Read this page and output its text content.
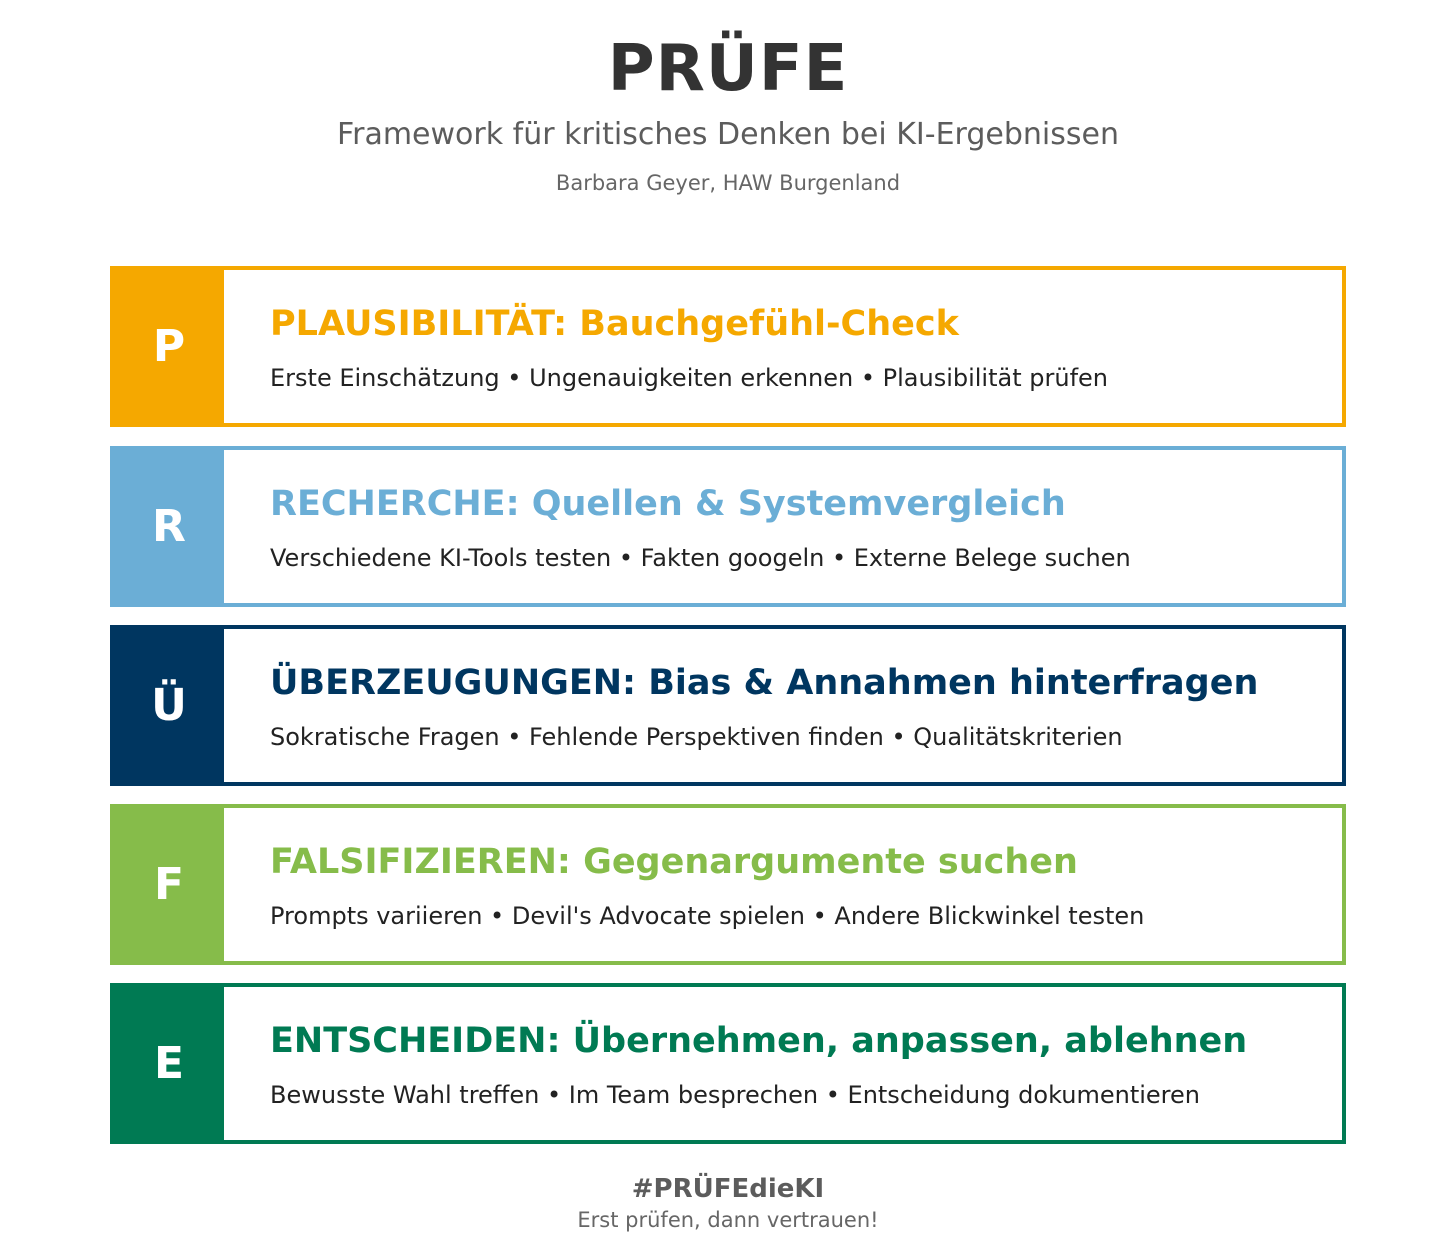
PRÜFE
Framework für kritisches Denken bei KI-Ergebnissen
Barbara Geyer, HAW Burgenland
P	PLAUSIBILITÄT: Bauchgefühl-Check
Erste Einschätzung • Ungenauigkeiten erkennen • Plausibilität prüfen
R	RECHERCHE: Quellen & Systemvergleich
Verschiedene KI-Tools testen • Fakten googeln • Externe Belege suchen
Ü	ÜBERZEUGUNGEN: Bias & Annahmen hinterfragen
Sokratische Fragen • Fehlende Perspektiven finden • Qualitätskriterien
F	FALSIFIZIEREN: Gegenargumente suchen
Prompts variieren • Devil's Advocate spielen • Andere Blickwinkel testen
E	ENTSCHEIDEN: Übernehmen, anpassen, ablehnen
Bewusste Wahl treffen • Im Team besprechen • Entscheidung dokumentieren
#PRÜFEdieKI
Erst prüfen, dann vertrauen!
